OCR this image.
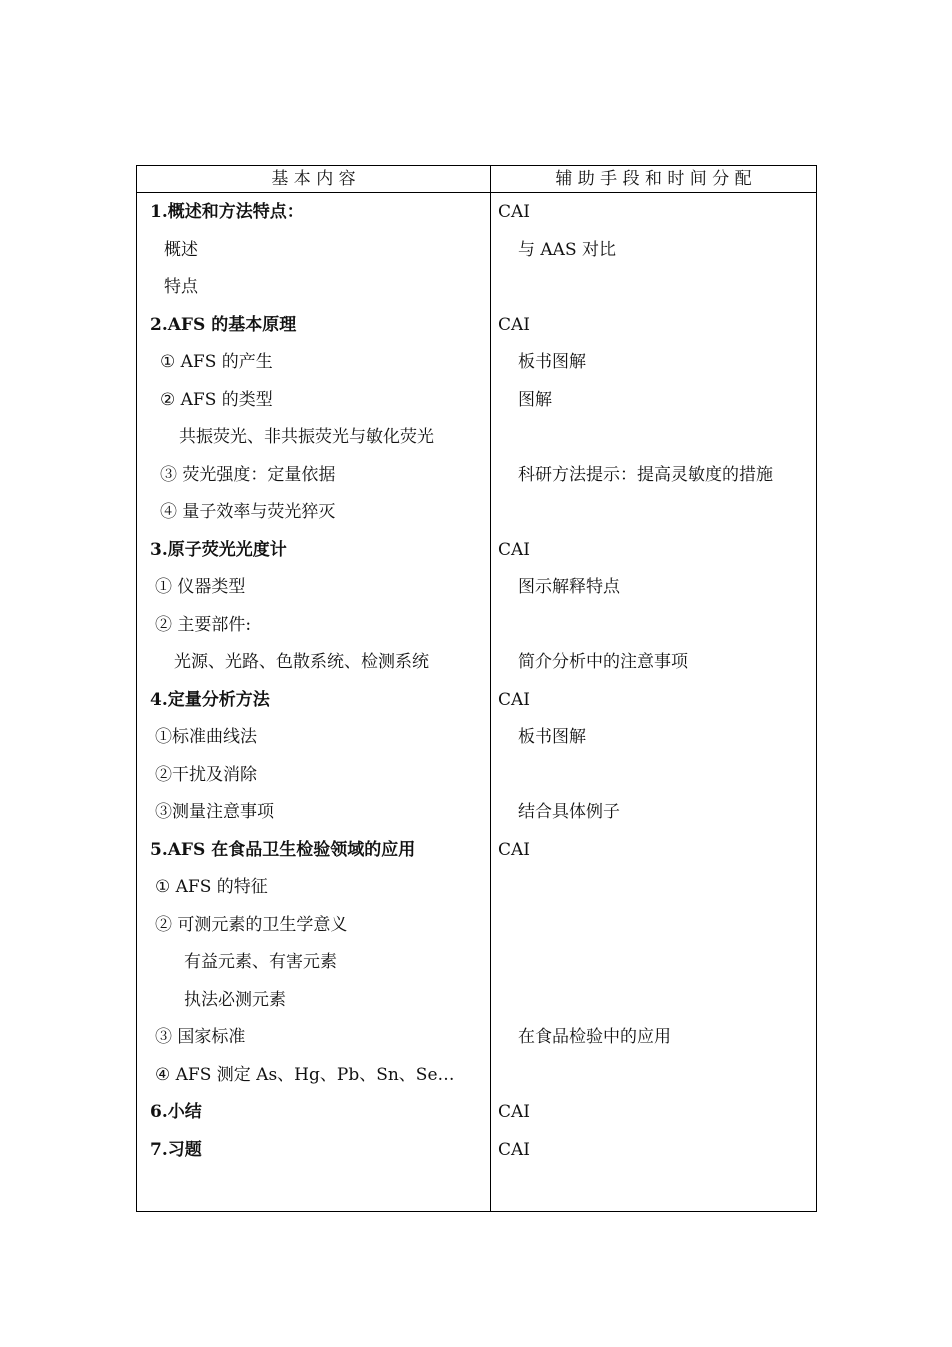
基 本 内 容	辅 助 手 段 和 时 间 分 配
1.概述和方法特点：	CAI
概述	与 AAS 对比
特点
2.AFS 的基本原理	CAI
① AFS 的产生	板书图解
② AFS 的类型	图解
共振荧光、非共振荧光与敏化荧光
③ 荧光强度：定量依据	科研方法提示：提高灵敏度的措施
④ 量子效率与荧光猝灭
3.原子荧光光度计	CAI
① 仪器类型	图示解释特点
② 主要部件:
光源、光路、色散系统、检测系统	简介分析中的注意事项
4.定量分析方法	CAI
①标准曲线法	板书图解
②干扰及消除
③测量注意事项	结合具体例子
5.AFS 在食品卫生检验领域的应用	CAI
① AFS 的特征
② 可测元素的卫生学意义
有益元素、有害元素
执法必测元素
③ 国家标准	在食品检验中的应用
④ AFS 测定 As、Hg、Pb、Sn、Se…
6.小结	CAI
7.习题	CAI
